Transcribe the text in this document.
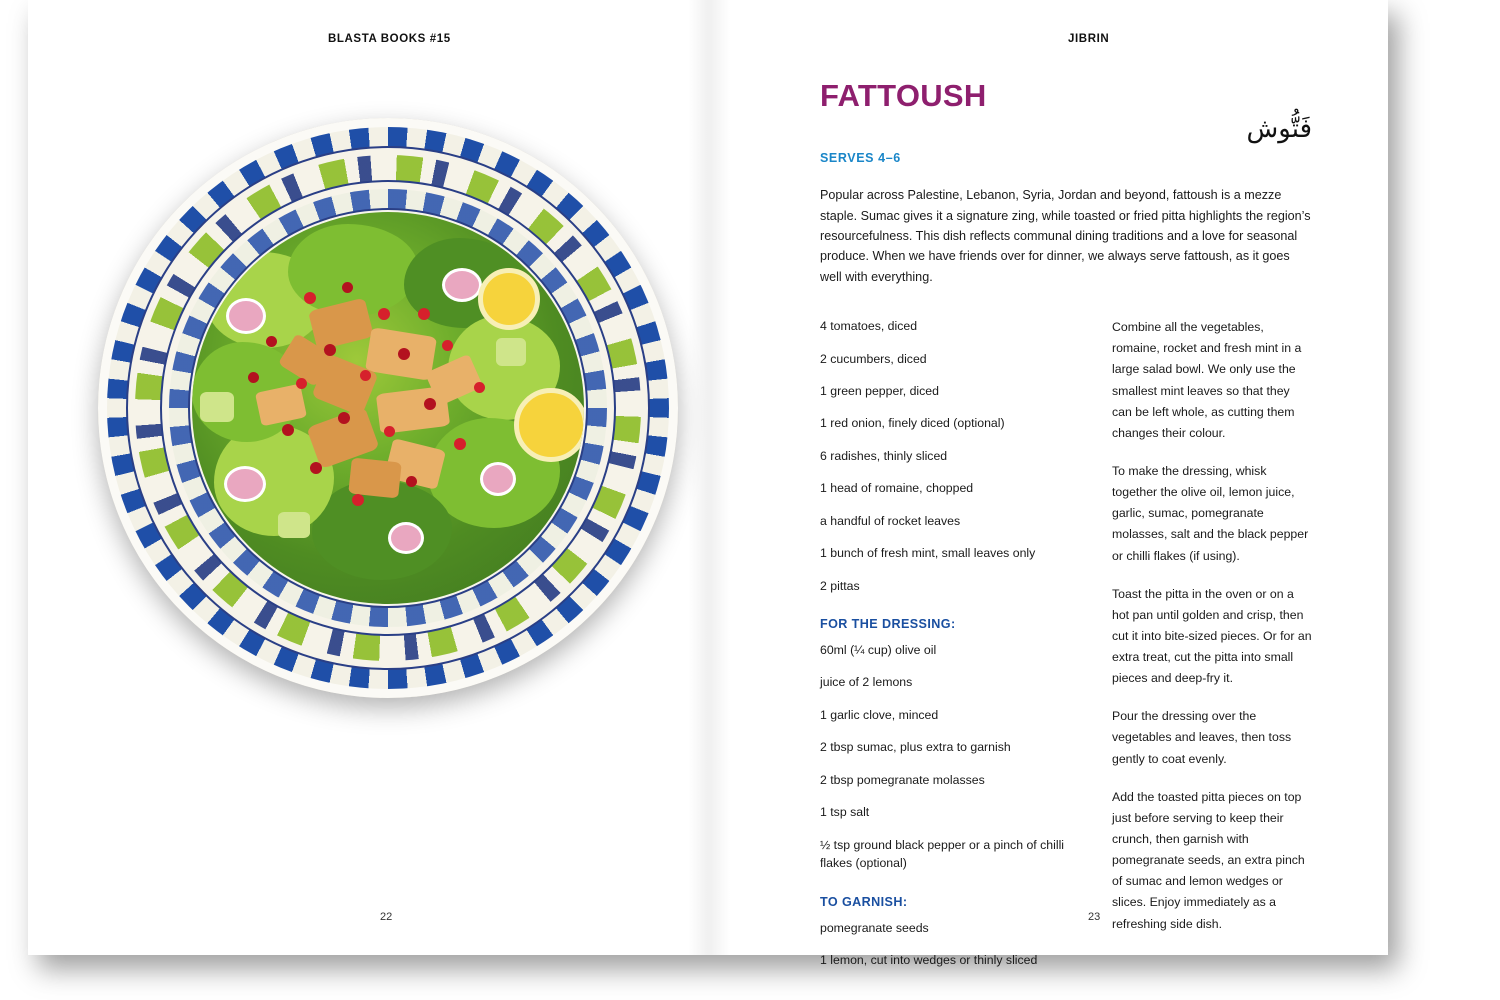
BLASTA BOOKS #15
22
JIBRIN
FATTOUSH
فَتُّوش
SERVES 4–6

Popular across Palestine, Lebanon, Syria, Jordan and beyond, fattoush is a mezze staple. Sumac gives it a signature zing, while toasted or fried pitta highlights the region’s resourcefulness. This dish reflects communal dining traditions and a love for seasonal produce. When we have friends over for dinner, we always serve fattoush, as it goes well with everything.

4 tomatoes, diced
2 cucumbers, diced
1 green pepper, diced
1 red onion, finely diced (optional)
6 radishes, thinly sliced
1 head of romaine, chopped
a handful of rocket leaves
1 bunch of fresh mint, small leaves only
2 pittas
FOR THE DRESSING:
60ml (¼ cup) olive oil
juice of 2 lemons
1 garlic clove, minced
2 tbsp sumac, plus extra to garnish
2 tbsp pomegranate molasses
1 tsp salt
½ tsp ground black pepper or a pinch of chilli flakes (optional)
TO GARNISH:
pomegranate seeds
1 lemon, cut into wedges or thinly sliced

Combine all the vegetables, romaine, rocket and fresh mint in a large salad bowl. We only use the smallest mint leaves so that they can be left whole, as cutting them changes their colour.

To make the dressing, whisk together the olive oil, lemon juice, garlic, sumac, pomegranate molasses, salt and the black pepper or chilli flakes (if using).

Toast the pitta in the oven or on a hot pan until golden and crisp, then cut it into bite-sized pieces. Or for an extra treat, cut the pitta into small pieces and deep-fry it.

Pour the dressing over the vegetables and leaves, then toss gently to coat evenly.

Add the toasted pitta pieces on top just before serving to keep their crunch, then garnish with pomegranate seeds, an extra pinch of sumac and lemon wedges or slices. Enjoy immediately as a refreshing side dish.

23
